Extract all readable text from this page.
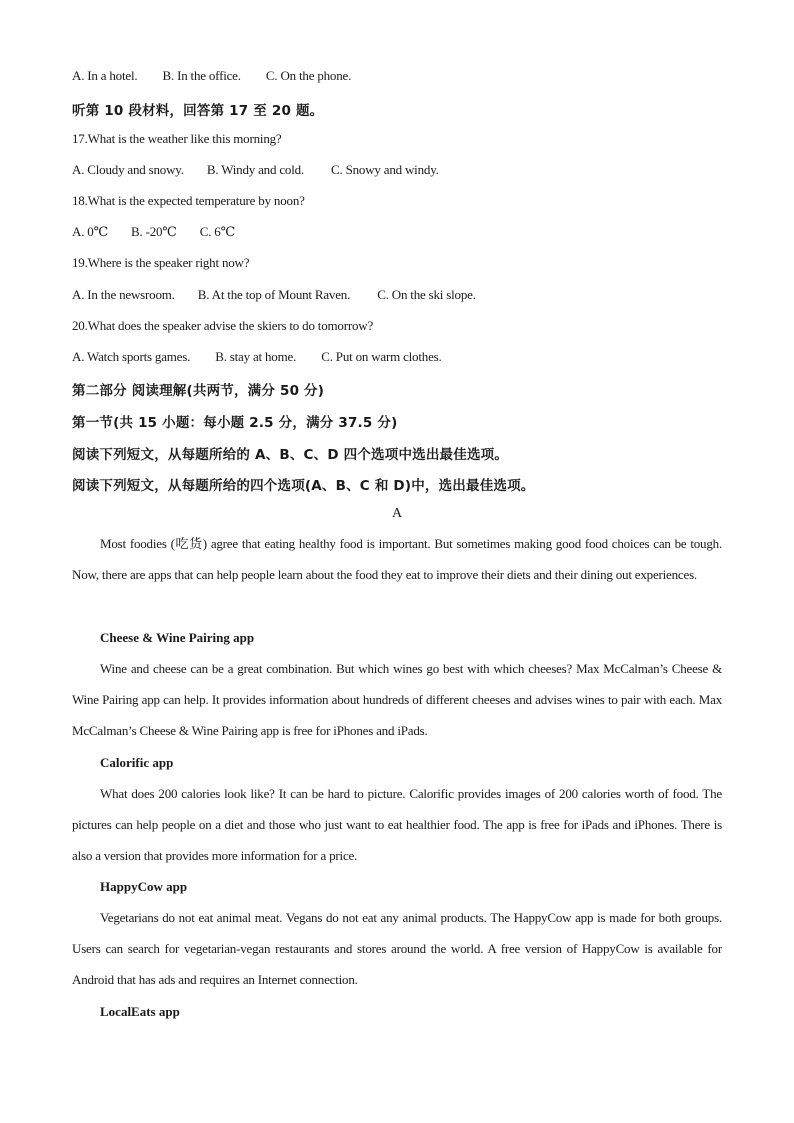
A. In a hotel. B. In the office. C. On the phone.
听第 10 段材料，回答第 17 至 20 题。
17.What is the weather like this morning?
A. Cloudy and snowy. B. Windy and cold. C. Snowy and windy.
18.What is the expected temperature by noon?
A. 0℃ B. -20℃ C. 6℃
19.Where is the speaker right now?
A. In the newsroom. B. At the top of Mount Raven. C. On the ski slope.
20.What does the speaker advise the skiers to do tomorrow?
A. Watch sports games. B. stay at home. C. Put on warm clothes.
第二部分 阅读理解(共两节，满分 50 分)
第一节(共 15 小题：每小题 2.5 分，满分 37.5 分)
阅读下列短文，从每题所给的 A、B、C、D 四个选项中选出最佳选项。
阅读下列短文，从每题所给的四个选项(A、B、C 和 D)中，选出最佳选项。
A
Most foodies (吃货) agree that eating healthy food is important. But sometimes making good food choices can be tough. Now, there are apps that can help people learn about the food they eat to improve their diets and their dining out experiences.
Cheese & Wine Pairing app
Wine and cheese can be a great combination. But which wines go best with which cheeses? Max McCalman’s Cheese & Wine Pairing app can help. It provides information about hundreds of different cheeses and advises wines to pair with each. Max McCalman’s Cheese & Wine Pairing app is free for iPhones and iPads.
Calorific app
What does 200 calories look like? It can be hard to picture. Calorific provides images of 200 calories worth of food. The pictures can help people on a diet and those who just want to eat healthier food. The app is free for iPads and iPhones. There is also a version that provides more information for a price.
HappyCow app
Vegetarians do not eat animal meat. Vegans do not eat any animal products. The HappyCow app is made for both groups. Users can search for vegetarian-vegan restaurants and stores around the world. A free version of HappyCow is available for Android that has ads and requires an Internet connection.
LocalEats app
